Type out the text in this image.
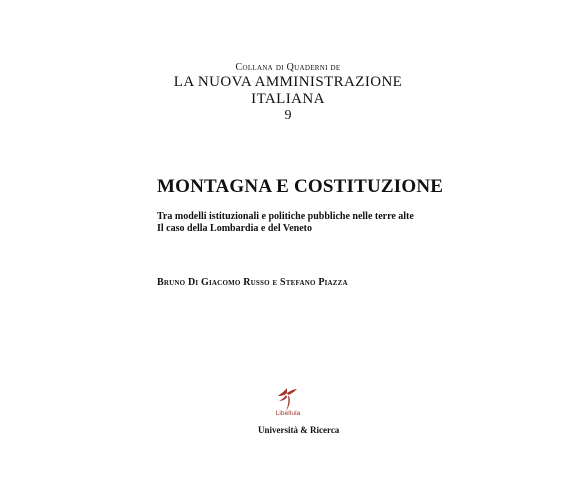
Collana di Quaderni de
LA NUOVA AMMINISTRAZIONE
ITALIANA
9
MONTAGNA E COSTITUZIONE
Tra modelli istituzionali e politiche pubbliche nelle terre alte
Il caso della Lombardia e del Veneto
Bruno Di Giacomo Russo e Stefano Piazza
Libellula
Università & Ricerca
